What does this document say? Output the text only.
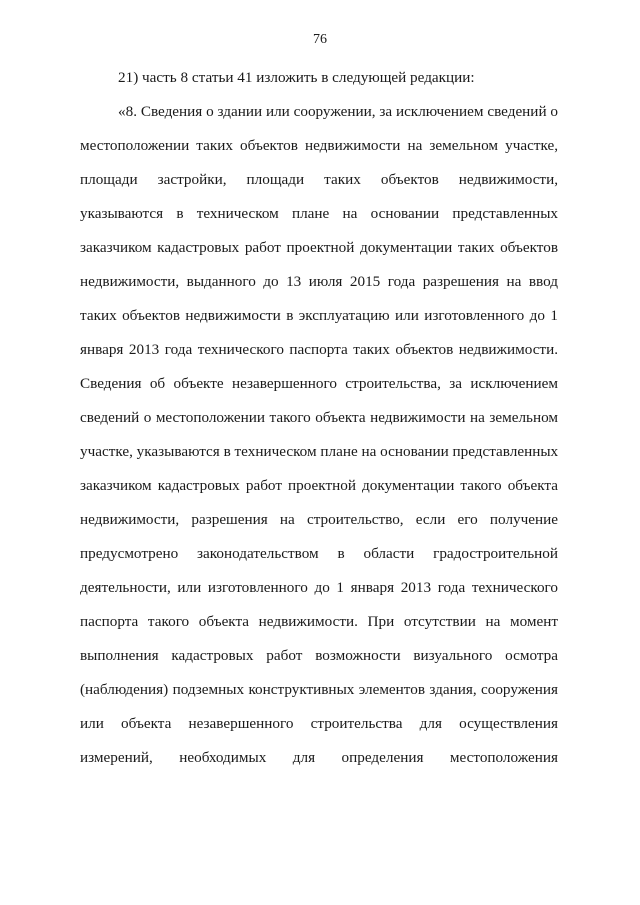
76
21) часть 8 статьи 41 изложить в следующей редакции:
«8. Сведения о здании или сооружении, за исключением сведений о
местоположении таких объектов недвижимости на земельном участке,
площади застройки, площади таких объектов недвижимости,
указываются в техническом плане на основании представленных
заказчиком кадастровых работ проектной документации таких объектов
недвижимости, выданного до 13 июля 2015 года разрешения на ввод
таких объектов недвижимости в эксплуатацию или изготовленного до 1
января 2013 года технического паспорта таких объектов недвижимости.
Сведения об объекте незавершенного строительства, за исключением
сведений о местоположении такого объекта недвижимости на земельном
участке, указываются в техническом плане на основании представленных
заказчиком кадастровых работ проектной документации такого объекта
недвижимости, разрешения на строительство, если его получение
предусмотрено законодательством в области градостроительной
деятельности, или изготовленного до 1 января 2013 года технического
паспорта такого объекта недвижимости. При отсутствии на момент
выполнения кадастровых работ возможности визуального осмотра
(наблюдения) подземных конструктивных элементов здания, сооружения
или объекта незавершенного строительства для осуществления
измерений, необходимых для определения местоположения
